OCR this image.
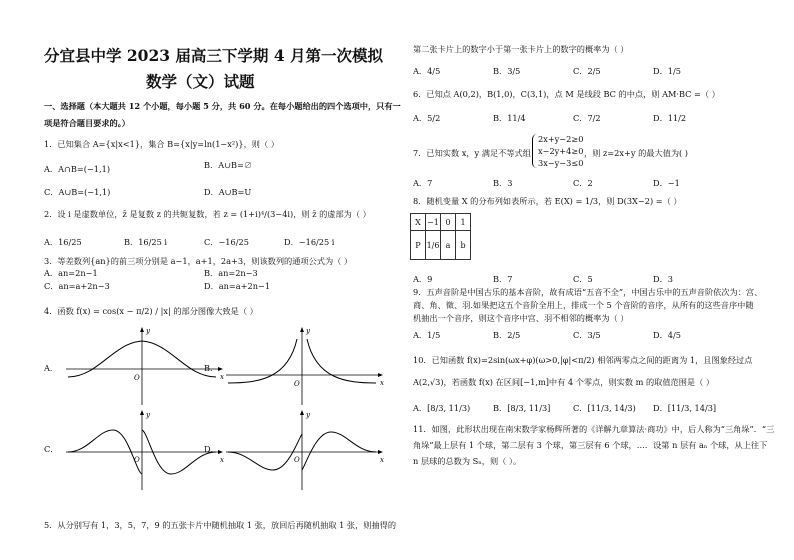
分宜县中学 2023 届高三下学期 4 月第一次模拟
数学（文）试题
一、选择题（本大题共 12 个小题，每小题 5 分，共 60 分。在每小题给出的四个选项中，只有一
项是符合题目要求的。）
1．已知集合 A={x|x<1}，集合 B={x|y=ln(1−x²)}，则（ ）
A．A∩B=(−1,1)	B．A∪B=∅
C．A∪B=(−1,1)	D．A∪B=U
2．设 i 是虚数单位，z̄ 是复数 z 的共轭复数，若 z = (1+i)⁴/(3−4i)，则 z̄ 的虚部为（ ）
A．16/25	B．16/25 i	C．−16/25	D．−16/25 i
3．等差数列{an}的前三项分别是 a−1，a+1，2a+3，则该数列的通项公式为（ ）
A．an=2n−1	B．an=2n−3
C．an=a+2n−3	D．an=a+2n−1
4．函数 f(x) = cos(x − π/2) / |x| 的部分图像大致是（ ）
A．
O	x
y
B．
O	x
y
C．
O	x
y
D．
O	x
y
5．从分别写有 1，3，5，7，9 的五张卡片中随机抽取 1 张，放回后再随机抽取 1 张，则抽得的
第二张卡片上的数字小于第一张卡片上的数字的概率为（ ）
A．4/5	B．3/5	C．2/5	D．1/5
6．已知点 A(0,2)，B(1,0)，C(3,1)，点 M 是线段 BC 的中点，则 AM·BC =（ ）
A．5/2	B．11/4	C．7/2	D．11/2
7．已知实数 x，y 满足不等式组
2x+y−2≥0
x−2y+4≥0
3x−y−3≤0
，则 z=2x+y 的最大值为( )
A．7	B．3	C．2	D．−1
8．随机变量 X 的分布列如表所示，若 E(X) = 1/3，则 D(3X−2) =（ ）
X	−1	0	1
P	1/6	a	b
A．9	B．7	C．5	D．3
9．五声音阶是中国古乐的基本音阶，故有成语“五音不全”，中国古乐中的五声音阶依次为：宫、
商、角、徵、羽.如果把这五个音阶全用上，排成一个 5 个音阶的音序，从所有的这些音序中随
机抽出一个音序，则这个音序中宫、羽不相邻的概率为（ ）
A．1/5	B．2/5	C．3/5	D．4/5
10．已知函数 f(x)=2sin(ωx+φ)(ω>0,|φ|<π/2) 相邻两零点之间的距离为 1，且图象经过点
A(2,√3)，若函数 f(x) 在区间[−1,m]中有 4 个零点，则实数 m 的取值范围是（ ）
A．[8/3, 11/3)	B．[8/3, 11/3]	C．[11/3, 14/3) D．[11/3, 14/3]
11．如图，此形状出现在南宋数学家杨辉所著的《详解九章算法·商功》中，后人称为“三角垛”．“三
角垛”最上层有 1 个球，第二层有 3 个球，第三层有 6 个球，…．设第 n 层有 aₙ 个球，从上往下
n 层球的总数为 Sₙ，则（ ）。
